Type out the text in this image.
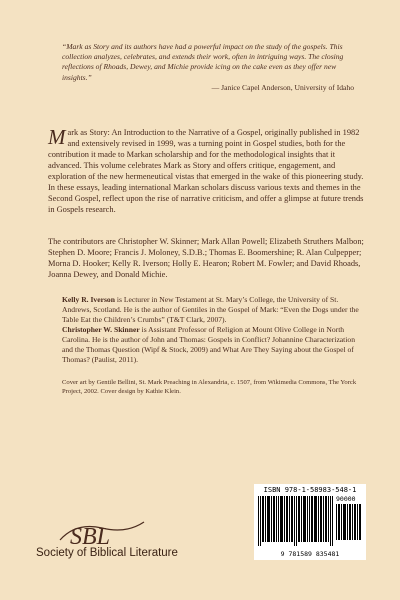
“Mark as Story and its authors have had a powerful impact on the study of the gospels. This collection analyzes, celebrates, and extends their work, often in intriguing ways. The closing reflections of Rhoads, Dewey, and Michie provide icing on the cake even as they offer new insights.”
— Janice Capel Anderson, University of Idaho
M ark as Story: An Introduction to the Narrative of a Gospel, originally published in 1982 and extensively revised in 1999, was a turning point in Gospel studies, both for the contribution it made to Markan scholarship and for the methodological insights that it advanced. This volume celebrates Mark as Story and offers critique, engagement, and exploration of the new hermeneutical vistas that emerged in the wake of this pioneering study. In these essays, leading international Markan scholars discuss various texts and themes in the Second Gospel, reflect upon the rise of narrative criticism, and offer a glimpse at future trends in Gospels research.

The contributors are Christopher W. Skinner; Mark Allan Powell; Elizabeth Struthers Malbon; Stephen D. Moore; Francis J. Moloney, S.D.B.; Thomas E. Boomershine; R. Alan Culpepper; Morna D. Hooker; Kelly R. Iverson; Holly E. Hearon; Robert M. Fowler; and David Rhoads, Joanna Dewey, and Donald Michie.

Kelly R. Iverson is Lecturer in New Testament at St. Mary’s College, the University of St. Andrews, Scotland. He is the author of Gentiles in the Gospel of Mark: “Even the Dogs under the Table Eat the Children’s Crumbs” (T&T Clark, 2007).

Christopher W. Skinner is Assistant Professor of Religion at Mount Olive College in North Carolina. He is the author of John and Thomas: Gospels in Conflict? Johannine Characterization and the Thomas Question (Wipf & Stock, 2009) and What Are They Saying about the Gospel of Thomas? (Paulist, 2011).

Cover art by Gentile Bellini, St. Mark Preaching in Alexandria, c. 1507, from Wikimedia Commons, The Yorck Project, 2002. Cover design by Kathie Klein.
ISBN 978-1-58983-548-1
90000
9 781589 835481
SBL
Society of Biblical Literature
